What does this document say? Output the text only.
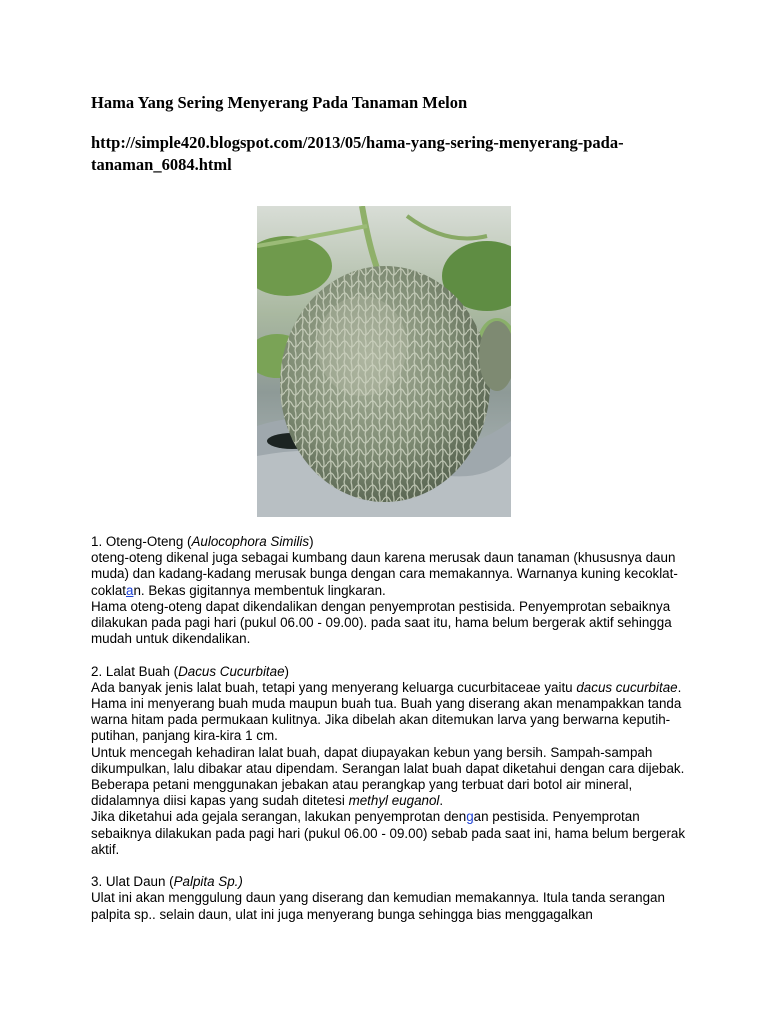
Hama Yang Sering Menyerang Pada Tanaman Melon
http://simple420.blogspot.com/2013/05/hama-yang-sering-menyerang-pada-
tanaman_6084.html

1. Oteng-Oteng (Aulocophora Similis)

oteng-oteng dikenal juga sebagai kumbang daun karena merusak daun tanaman (khususnya daun muda) dan kadang-kadang merusak bunga dengan cara memakannya. Warnanya kuning kecoklat-coklatan. Bekas gigitannya membentuk lingkaran.

Hama oteng-oteng dapat dikendalikan dengan penyemprotan pestisida. Penyemprotan sebaiknya dilakukan pada pagi hari (pukul 06.00 - 09.00). pada saat itu, hama belum bergerak aktif sehingga mudah untuk dikendalikan.

2. Lalat Buah (Dacus Cucurbitae)

Ada banyak jenis lalat buah, tetapi yang menyerang keluarga cucurbitaceae yaitu dacus cucurbitae. Hama ini menyerang buah muda maupun buah tua. Buah yang diserang akan menampakkan tanda warna hitam pada permukaan kulitnya. Jika dibelah akan ditemukan larva yang berwarna keputih-putihan, panjang kira-kira 1 cm.

Untuk mencegah kehadiran lalat buah, dapat diupayakan kebun yang bersih. Sampah-sampah dikumpulkan, lalu dibakar atau dipendam. Serangan lalat buah dapat diketahui dengan cara dijebak. Beberapa petani menggunakan jebakan atau perangkap yang terbuat dari botol air mineral, didalamnya diisi kapas yang sudah ditetesi methyl euganol.

Jika diketahui ada gejala serangan, lakukan penyemprotan dengan pestisida. Penyemprotan sebaiknya dilakukan pada pagi hari (pukul 06.00 - 09.00) sebab pada saat ini, hama belum bergerak aktif.

3. Ulat Daun (Palpita Sp.)

Ulat ini akan menggulung daun yang diserang dan kemudian memakannya. Itula tanda serangan palpita sp.. selain daun, ulat ini juga menyerang bunga sehingga bias menggagalkan
